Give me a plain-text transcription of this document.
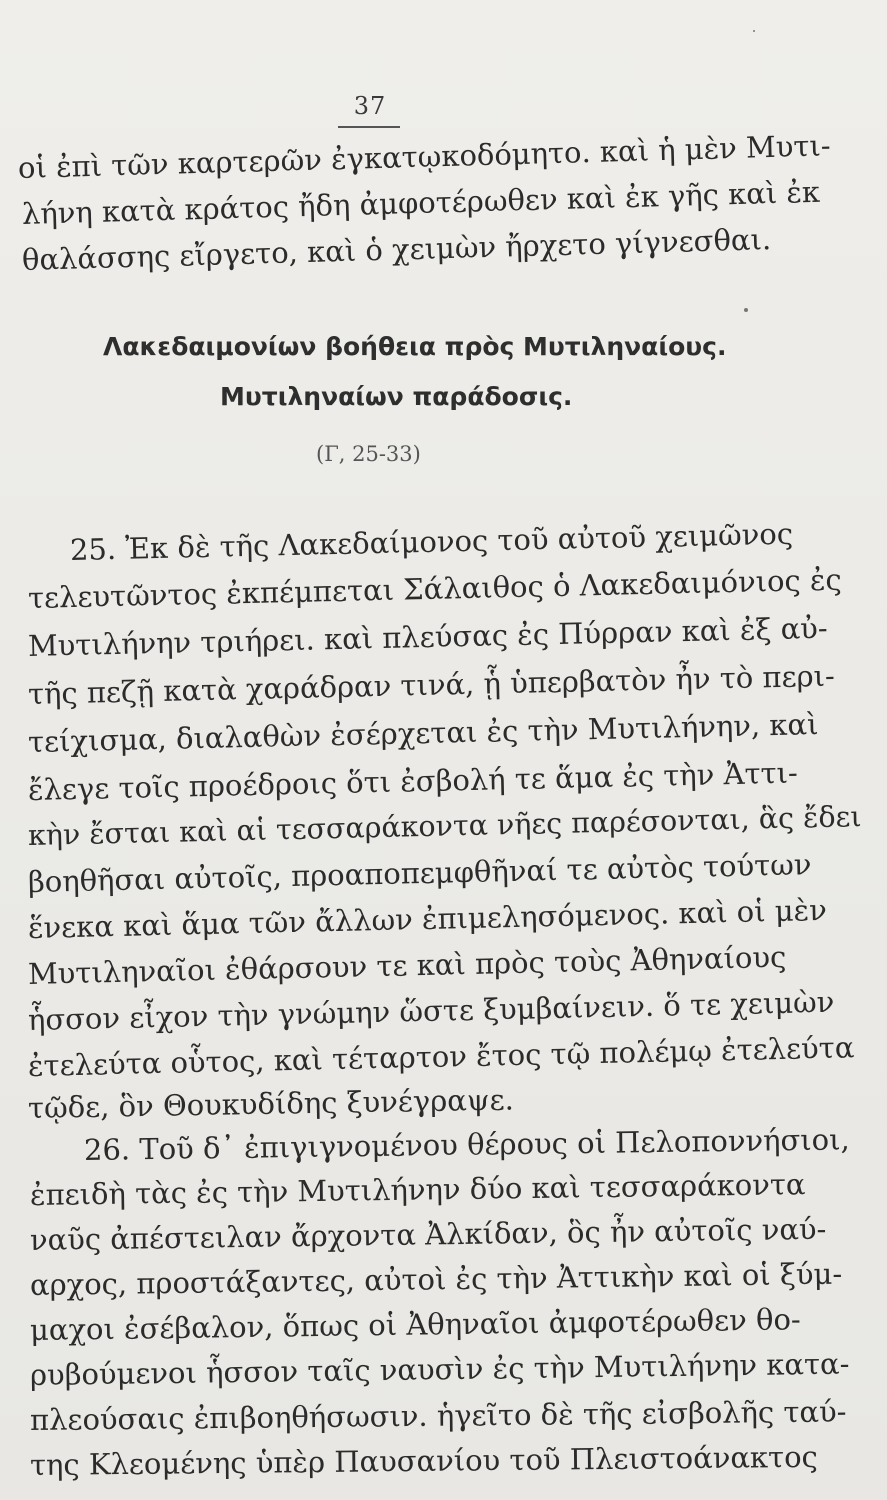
37
οἱ ἐπὶ τῶν καρτερῶν ἐγκατῳκοδόμητο. καὶ ἡ μὲν Μυτι-
λήνη κατὰ κράτος ἤδη ἀμφοτέρωθεν καὶ ἐκ γῆς καὶ ἐκ
θαλάσσης εἴργετο, καὶ ὁ χειμὼν ἤρχετο γίγνεσθαι.
Λακεδαιμονίων βοήθεια πρὸς Μυτιληναίους.
Μυτιληναίων παράδοσις.
(Γ, 25-33)
25. Ἐκ δὲ τῆς Λακεδαίμονος τοῦ αὐτοῦ χειμῶνος
τελευτῶντος ἐκπέμπεται Σάλαιθος ὁ Λακεδαιμόνιος ἐς
Μυτιλήνην τριήρει. καὶ πλεύσας ἐς Πύρραν καὶ ἐξ αὐ-
τῆς πεζῇ κατὰ χαράδραν τινά, ᾗ ὑπερβατὸν ἦν τὸ περι-
τείχισμα, διαλαθὼν ἐσέρχεται ἐς τὴν Μυτιλήνην, καὶ
ἔλεγε τοῖς προέδροις ὅτι ἐσβολή τε ἅμα ἐς τὴν Ἀττι-
κὴν ἔσται καὶ αἱ τεσσαράκοντα νῆες παρέσονται, ἃς ἔδει
βοηθῆσαι αὐτοῖς, προαποπεμφθῆναί τε αὐτὸς τούτων
ἕνεκα καὶ ἅμα τῶν ἄλλων ἐπιμελησόμενος. καὶ οἱ μὲν
Μυτιληναῖοι ἐθάρσουν τε καὶ πρὸς τοὺς Ἀθηναίους
ἧσσον εἶχον τὴν γνώμην ὥστε ξυμβαίνειν. ὅ τε χειμὼν
ἐτελεύτα οὗτος, καὶ τέταρτον ἔτος τῷ πολέμῳ ἐτελεύτα
τῷδε, ὃν Θουκυδίδης ξυνέγραψε.
26. Τοῦ δ᾽ ἐπιγιγνομένου θέρους οἱ Πελοποννήσιοι,
ἐπειδὴ τὰς ἐς τὴν Μυτιλήνην δύο καὶ τεσσαράκοντα
ναῦς ἀπέστειλαν ἄρχοντα Ἀλκίδαν, ὃς ἦν αὐτοῖς ναύ-
αρχος, προστάξαντες, αὐτοὶ ἐς τὴν Ἀττικὴν καὶ οἱ ξύμ-
μαχοι ἐσέβαλον, ὅπως οἱ Ἀθηναῖοι ἀμφοτέρωθεν θο-
ρυβούμενοι ἧσσον ταῖς ναυσὶν ἐς τὴν Μυτιλήνην κατα-
πλεούσαις ἐπιβοηθήσωσιν. ἡγεῖτο δὲ τῆς εἰσβολῆς ταύ-
της Κλεομένης ὑπὲρ Παυσανίου τοῦ Πλειστοάνακτος
